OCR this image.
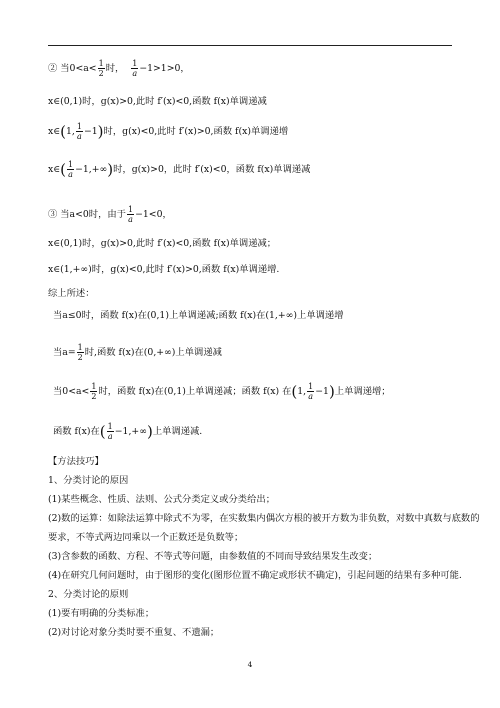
② 当$0<a< \frac{1}{2}$ 时， $\frac{1}{a} -1>1>0$，
x∈(0,1)时，g(x)>0,此时 f′(x)<0,函数 f(x)单调递减
x∈(1, $\frac{1}{a} -1$)时，g(x)<0,此时 f′(x)>0,函数 f(x)单调递增
x∈( $\frac{1}{a} -1,+\infty$)时，g(x)>0，此时 f′(x)<0，函数 f(x)单调递减
③ 当a<0时，由于 $\frac{1}{a} -1<0$，
x∈(0,1)时，g(x)>0,此时 f′(x)<0,函数 f(x)单调递减；
x∈(1,+∞)时，g(x)<0,此时 f′(x)>0,函数 f(x)单调递增.
综上所述：
当a≤0时，函数 f(x)在(0,1)上单调递减;函数 f(x)在(1,+∞)上单调递增
当$a= \frac{1}{2}$ 时,函数 f(x)在(0,+∞)上单调递减
当$0<a< \frac{1}{2}$ 时，函数 f(x)在(0,1)上单调递减；函数 f(x) 在(1, $\frac{1}{a} -1$)上单调递增；
函数 f(x)在( $\frac{1}{a} -1,+\infty$)上单调递减.
【方法技巧】
1、分类讨论的原因
(1)某些概念、性质、法则、公式分类定义或分类给出；
(2)数的运算：如除法运算中除式不为零，在实数集内偶次方根的被开方数为非负数，对数中真数与底数的
要求，不等式两边同乘以一个正数还是负数等；
(3)含参数的函数、方程、不等式等问题，由参数值的不同而导致结果发生改变；
(4)在研究几何问题时，由于图形的变化(图形位置不确定或形状不确定)，引起问题的结果有多种可能.
2、分类讨论的原则
(1)要有明确的分类标准；
(2)对讨论对象分类时要不重复、不遗漏；
4
